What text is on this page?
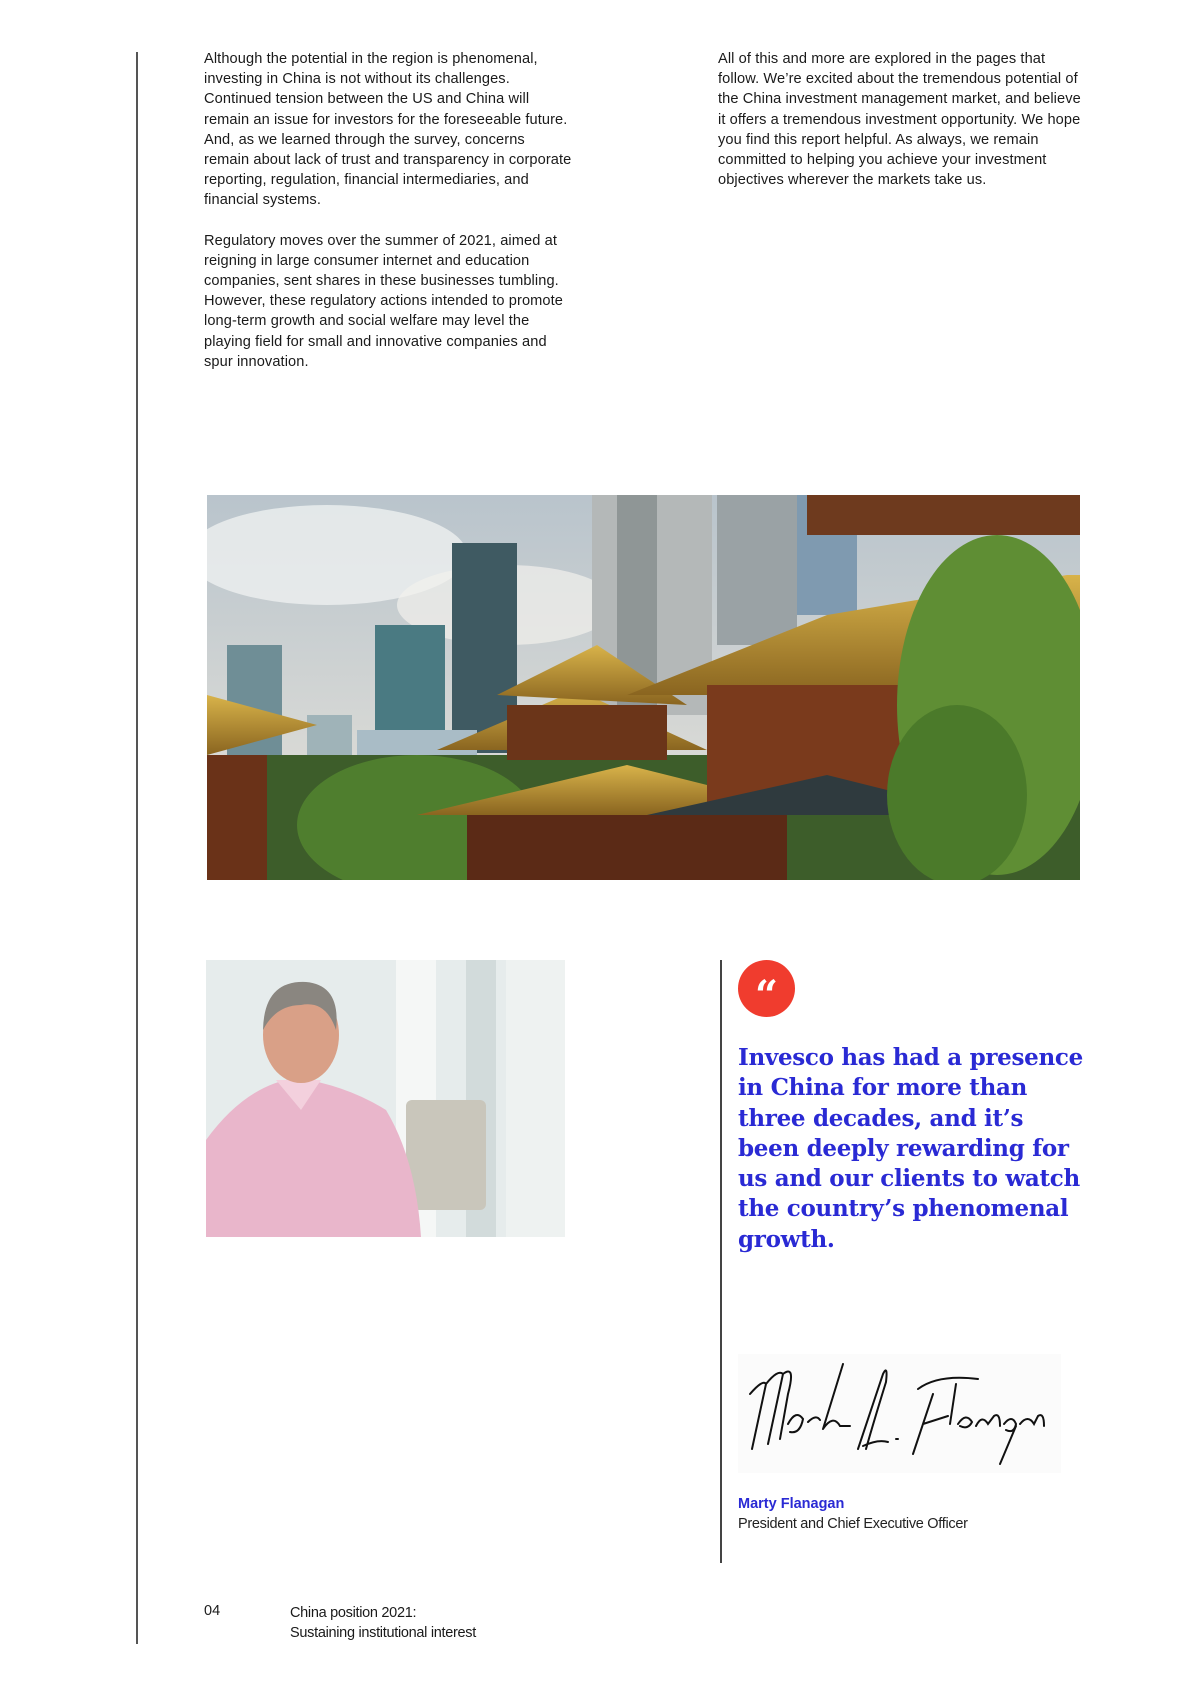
Although the potential in the region is phenomenal, investing in China is not without its challenges. Continued tension between the US and China will remain an issue for investors for the foreseeable future. And, as we learned through the survey, concerns remain about lack of trust and transparency in corporate reporting, regulation, financial intermediaries, and financial systems.

Regulatory moves over the summer of 2021, aimed at reigning in large consumer internet and education companies, sent shares in these businesses tumbling. However, these regulatory actions intended to promote long-term growth and social welfare may level the playing field for small and innovative companies and spur innovation.

All of this and more are explored in the pages that follow. We’re excited about the tremendous potential of the China investment management market, and believe it offers a tremendous investment opportunity. We hope you find this report helpful. As always, we remain committed to helping you achieve your investment objectives wherever the markets take us.

“
Invesco has had a presence in China for more than three decades, and it’s been deeply rewarding for us and our clients to watch the country’s phenomenal growth.
Marty Flanagan
President and Chief Executive Officer
04	China position 2021:
Sustaining institutional interest
